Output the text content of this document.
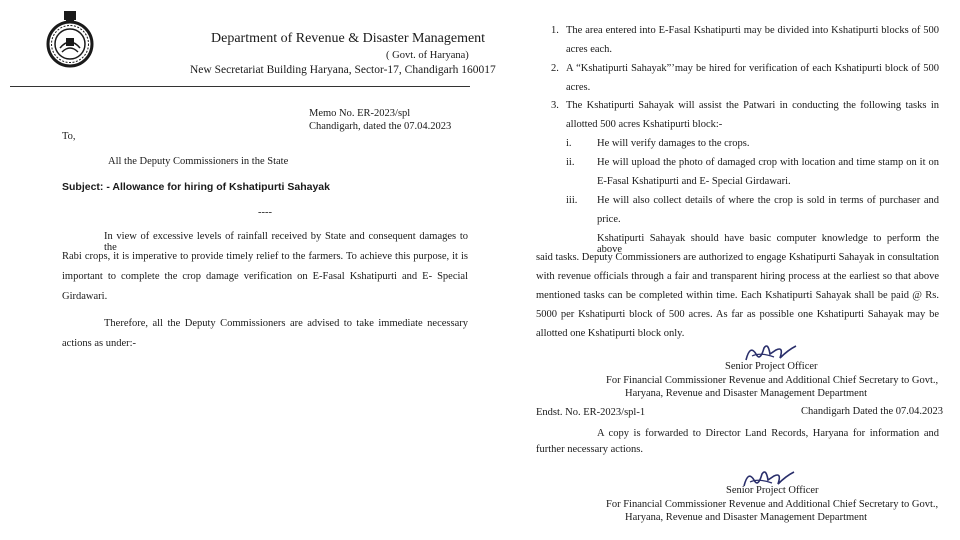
Department of Revenue & Disaster Management
( Govt. of Haryana)
New Secretariat Building Haryana, Sector-17, Chandigarh 160017
Memo No. ER-2023/spl
Chandigarh, dated the 07.04.2023
To,
All the Deputy Commissioners in the State
Subject: - Allowance for hiring of Kshatipurti Sahayak
----
In view of excessive levels of rainfall received by State and consequent damages to the
Rabi crops, it is imperative to provide timely relief to the farmers. To achieve this purpose, it is
important to complete the crop damage verification on E-Fasal Kshatipurti and E- Special
Girdawari.
Therefore, all the Deputy Commissioners are advised to take immediate necessary
actions as under:-
1. The area entered into E-Fasal Kshatipurti may be divided into Kshatipurti blocks of 500
acres each.
2. A “Kshatipurti Sahayak”’may be hired for verification of each Kshatipurti block of 500
acres.
3. The Kshatipurti Sahayak will assist the Patwari in conducting the following tasks in
allotted 500 acres Kshatipurti block:-
i. He will verify damages to the crops.
ii. He will upload the photo of damaged crop with location and time stamp on it on
E-Fasal Kshatipurti and E- Special Girdawari.
iii. He will also collect details of where the crop is sold in terms of purchaser and
price.
Kshatipurti Sahayak should have basic computer knowledge to perform the above
said tasks. Deputy Commissioners are authorized to engage Kshatipurti Sahayak in consultation
with revenue officials through a fair and transparent hiring process at the earliest so that above
mentioned tasks can be completed within time. Each Kshatipurti Sahayak shall be paid @ Rs.
5000 per Kshatipurti block of 500 acres. As far as possible one Kshatipurti Sahayak may be
allotted one Kshatipurti block only.
Senior Project Officer
For Financial Commissioner Revenue and Additional Chief Secretary to Govt.,
Haryana, Revenue and Disaster Management Department
Endst. No. ER-2023/spl-1	Chandigarh Dated the 07.04.2023
A copy is forwarded to Director Land Records, Haryana for information and
further necessary actions.
Senior Project Officer
For Financial Commissioner Revenue and Additional Chief Secretary to Govt.,
Haryana, Revenue and Disaster Management Department
